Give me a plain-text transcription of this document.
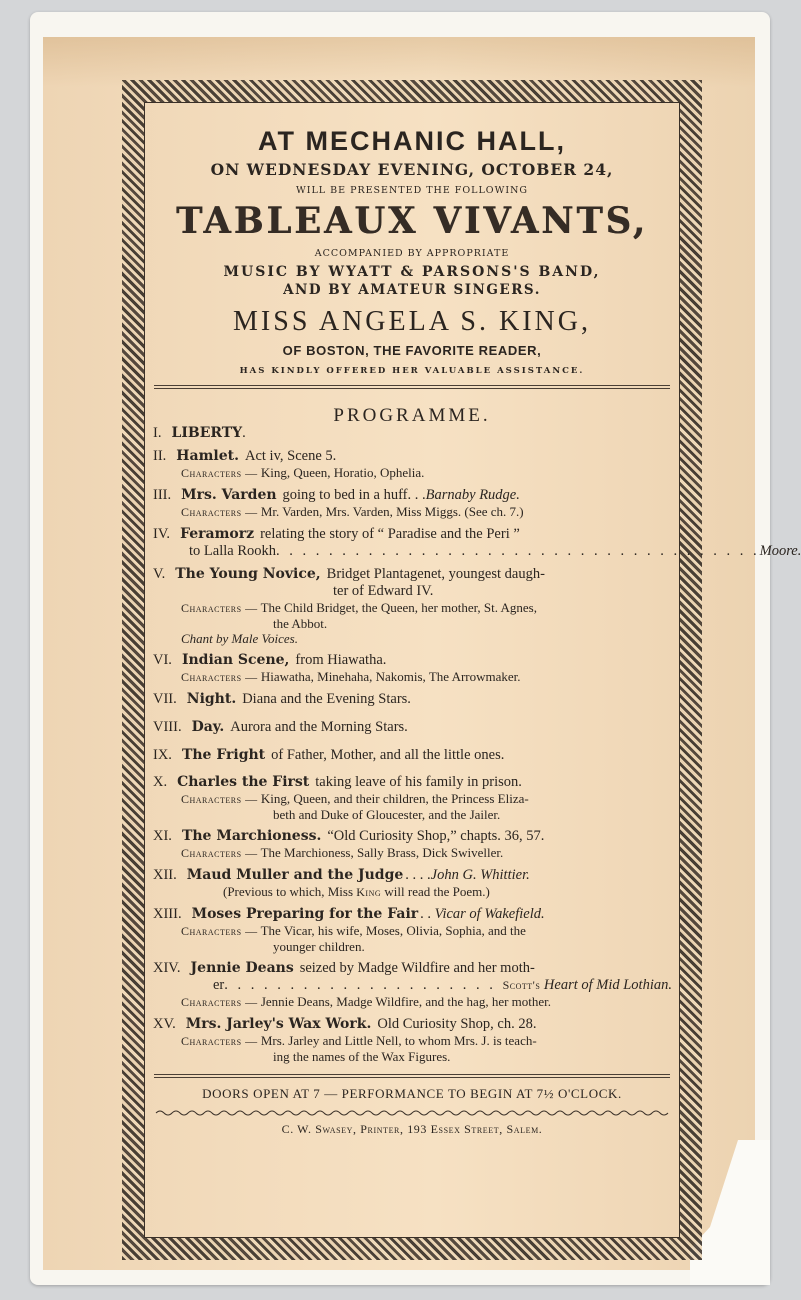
AT MECHANIC HALL,
ON WEDNESDAY EVENING, OCTOBER 24,
WILL BE PRESENTED THE FOLLOWING
TABLEAUX VIVANTS,
ACCOMPANIED BY APPROPRIATE
MUSIC BY WYATT & PARSONS'S BAND,
AND BY AMATEUR SINGERS.
MISS ANGELA S. KING,
OF BOSTON, THE FAVORITE READER,
HAS KINDLY OFFERED HER VALUABLE ASSISTANCE.
PROGRAMME.
I. LIBERTY .
II. Hamlet. Act iv, Scene 5.
Characters — King, Queen, Horatio, Ophelia.
III. Mrs. Varden going to bed in a huff. . . Barnaby Rudge.
Characters — Mr. Varden, Mrs. Varden, Miss Miggs. (See ch. 7.)
IV. Feramorz relating the story of “ Paradise and the Peri ”
to Lalla Rookh . . . . . . . . . . . . . . . . . . . . . . . . . . . . . . . . . . . . . Moore.
V. The Young Novice, Bridget Plantagenet, youngest daugh-
ter of Edward IV.
Characters — The Child Bridget, the Queen, her mother, St. Agnes,
the Abbot.
Chant by Male Voices.
VI. Indian Scene, from Hiawatha.
Characters — Hiawatha, Minehaha, Nakomis, The Arrowmaker.
VII. Night. Diana and the Evening Stars.
VIII. Day. Aurora and the Morning Stars.
IX. The Fright of Father, Mother, and all the little ones.
X. Charles the First taking leave of his family in prison.
Characters — King, Queen, and their children, the Princess Eliza-
beth and Duke of Gloucester, and the Jailer.
XI. The Marchioness. “Old Curiosity Shop,” chapts. 36, 57.
Characters — The Marchioness, Sally Brass, Dick Swiveller.
XII. Maud Muller and the Judge . . . . John G. Whittier.
(Previous to which, Miss King will read the Poem.)
XIII. Moses Preparing for the Fair . .
Vicar of Wakefield.
Characters — The Vicar, his wife, Moses, Olivia, Sophia, and the
younger children.
XIV. Jennie Deans seized by Madge Wildfire and her moth-
er . . . . . . . . . . . . . . . . . . . . . Scott's
Heart of Mid Lothian.
Characters — Jennie Deans, Madge Wildfire, and the hag, her mother.
XV. Mrs. Jarley's Wax Work. Old Curiosity Shop, ch. 28.
Characters — Mrs. Jarley and Little Nell, to whom Mrs. J. is teach-
ing the names of the Wax Figures.
DOORS OPEN AT 7 — PERFORMANCE TO BEGIN AT 7½ O'CLOCK.
C. W. Swasey, Printer, 193 Essex Street, Salem.
